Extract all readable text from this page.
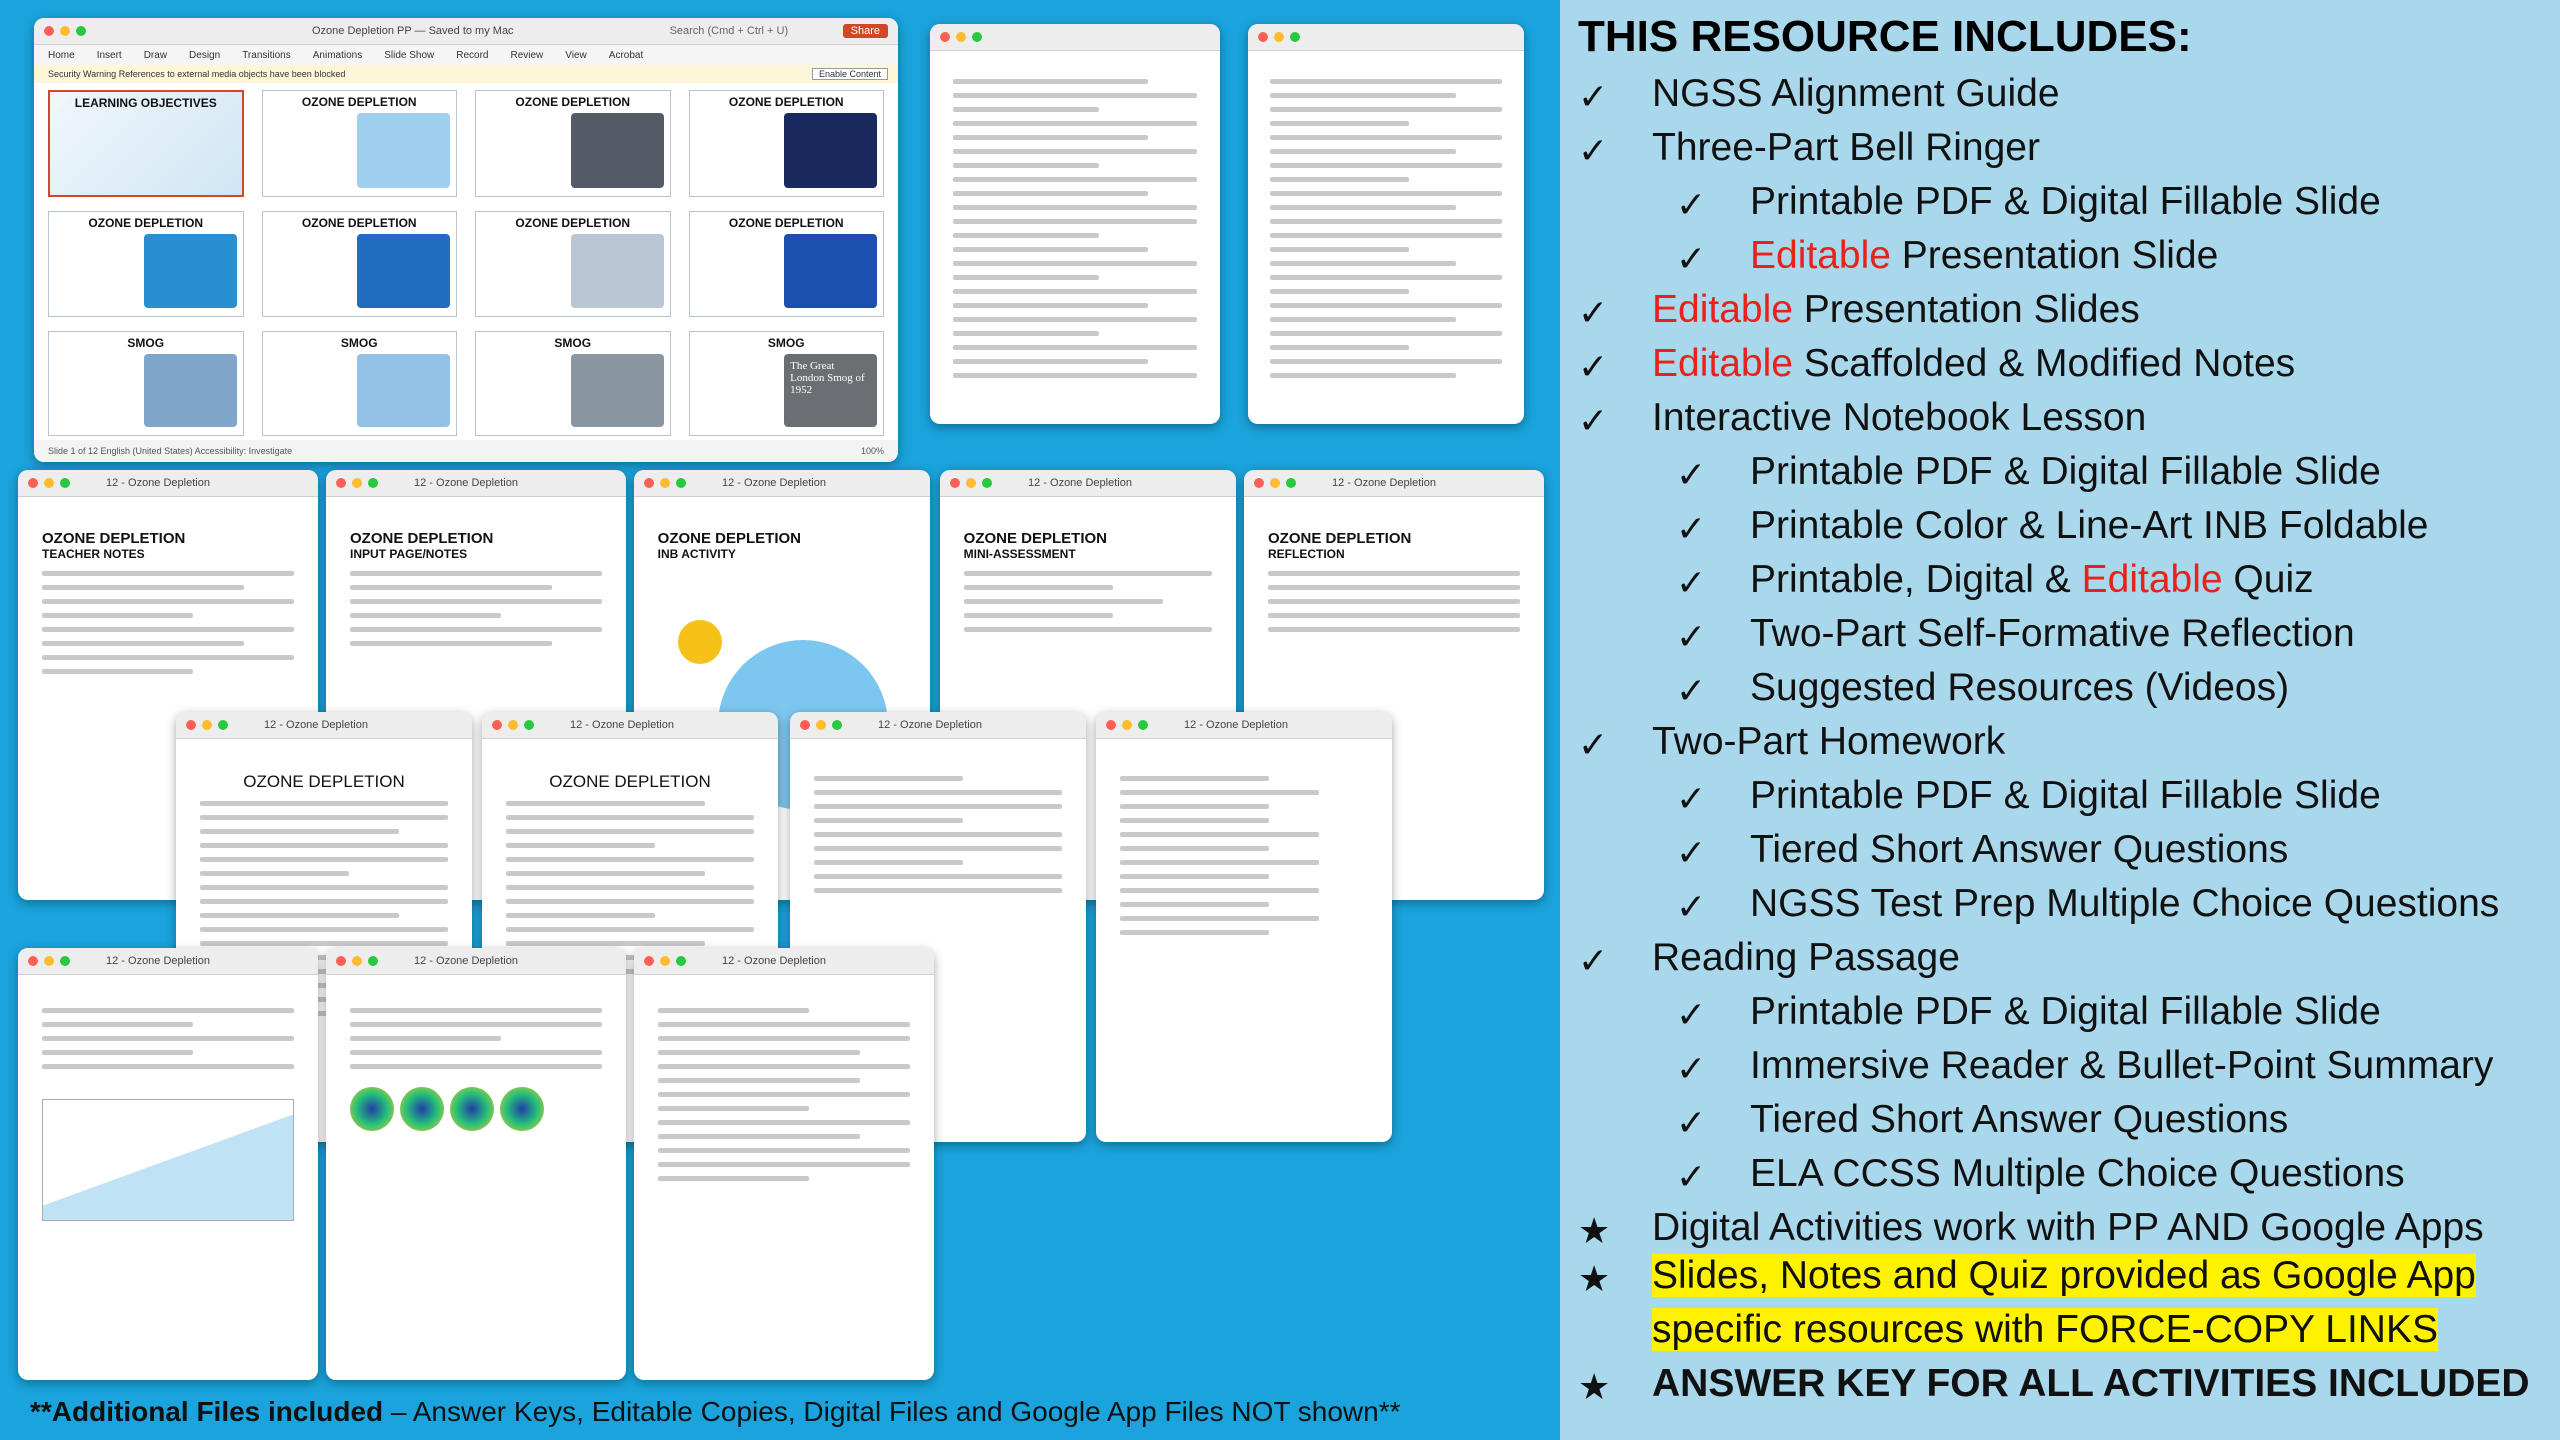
Ozone Depletion PP — Saved to my Mac	Search (Cmd + Ctrl + U)	Share
Home Insert Draw Design Transitions Animations Slide Show Record Review View Acrobat
Security Warning References to external media objects have been blocked	Enable Content
LEARNING OBJECTIVES	OZONE DEPLETION	OZONE DEPLETION	OZONE DEPLETION
OZONE DEPLETION	OZONE DEPLETION	OZONE DEPLETION	OZONE DEPLETION
SMOG	SMOG	SMOG	SMOG
The Great London Smog of 1952
Slide 1 of 12 English (United States) Accessibility: Investigate	100%
12 - Ozone Depletion
OZONE DEPLETION
TEACHER NOTES
12 - Ozone Depletion
OZONE DEPLETION
INPUT PAGE/NOTES
12 - Ozone Depletion
OZONE DEPLETION
INB ACTIVITY
12 - Ozone Depletion
OZONE DEPLETION
MINI-ASSESSMENT
12 - Ozone Depletion
OZONE DEPLETION
REFLECTION
12 - Ozone Depletion
OZONE DEPLETION
12 - Ozone Depletion
OZONE DEPLETION
12 - Ozone Depletion	12 - Ozone Depletion
12 - Ozone Depletion	12 - Ozone Depletion	12 - Ozone Depletion
**Additional Files included – Answer Keys, Editable Copies, Digital Files and Google App Files NOT shown**
THIS RESOURCE INCLUDES:
✓ NGSS Alignment Guide
✓ Three-Part Bell Ringer
✓ Printable PDF & Digital Fillable Slide
✓ Editable Presentation Slide
✓ Editable Presentation Slides
✓ Editable Scaffolded & Modified Notes
✓ Interactive Notebook Lesson
✓ Printable PDF & Digital Fillable Slide
✓ Printable Color & Line-Art INB Foldable
✓ Printable, Digital & Editable Quiz
✓ Two-Part Self-Formative Reflection
✓ Suggested Resources (Videos)
✓ Two-Part Homework
✓ Printable PDF & Digital Fillable Slide
✓ Tiered Short Answer Questions
✓ NGSS Test Prep Multiple Choice Questions
✓ Reading Passage
✓ Printable PDF & Digital Fillable Slide
✓ Immersive Reader & Bullet-Point Summary
✓ Tiered Short Answer Questions
✓ ELA CCSS Multiple Choice Questions
★ Digital Activities work with PP AND Google Apps
★ Slides, Notes and Quiz provided as Google App
specific resources with FORCE-COPY LINKS
★ ANSWER KEY FOR ALL ACTIVITIES INCLUDED
